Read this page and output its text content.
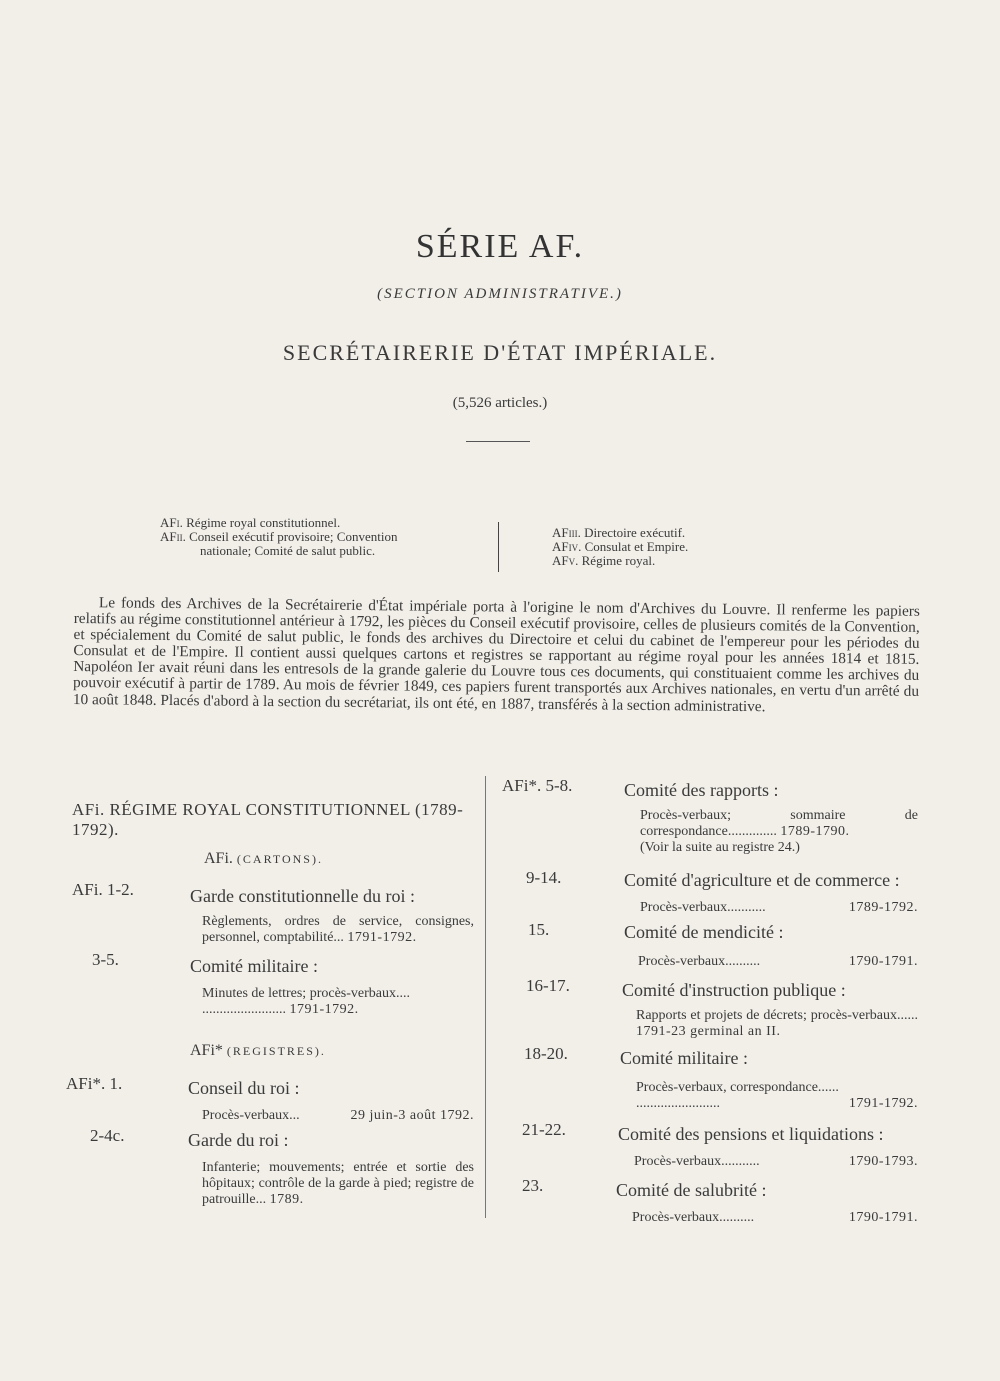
SÉRIE AF.
(SECTION ADMINISTRATIVE.)
SECRÉTAIRERIE D'ÉTAT IMPÉRIALE.
(5,526 articles.)
AFi. Régime royal constitutionnel.
AFii. Conseil exécutif provisoire; Convention
nationale; Comité de salut public.
AFiii. Directoire exécutif.
AFiv. Consulat et Empire.
AFv. Régime royal.

Le fonds des Archives de la Secrétairerie d'État impériale porta à l'origine le nom d'Archives du Louvre. Il renferme les papiers relatifs au régime constitutionnel antérieur à 1792, les pièces du Conseil exécutif provisoire, celles de plusieurs comités de la Convention, et spécialement du Comité de salut public, le fonds des archives du Directoire et celui du cabinet de l'empereur pour les périodes du Consulat et de l'Empire. Il contient aussi quelques cartons et registres se rapportant au régime royal pour les années 1814 et 1815. Napoléon Ier avait réuni dans les entresols de la grande galerie du Louvre tous ces documents, qui constituaient comme les archives du pouvoir exécutif à partir de 1789. Au mois de février 1849, ces papiers furent transportés aux Archives nationales, en vertu d'un arrêté du 10 août 1848. Placés d'abord à la section du secrétariat, ils ont été, en 1887, transférés à la section administrative.

AFi. RÉGIME ROYAL CONSTITUTIONNEL (1789-1792).
AFi. (CARTONS).
AFi. 1-2.	Garde constitutionnelle du roi :
Règlements, ordres de service, consignes, personnel, comptabilité... 1791-1792.
3-5.	Comité militaire :
Minutes de lettres; procès-verbaux....
........................ 1791-1792.
AFi* (REGISTRES).
AFi*. 1.	Conseil du roi :
Procès-verbaux...	29 juin-3 août 1792.
2-4c.	Garde du roi :
Infanterie; mouvements; entrée et sortie des hôpitaux; contrôle de la garde à pied; registre de patrouille... 1789.
AFi*. 5-8.	Comité des rapports :
Procès-verbaux; sommaire de correspondance.............. 1789-1790.
(Voir la suite au registre 24.)
9-14.	Comité d'agriculture et de commerce :
Procès-verbaux...........	1789-1792.
15.	Comité de mendicité :
Procès-verbaux..........	1790-1791.
16-17.	Comité d'instruction publique :
Rapports et projets de décrets; procès-verbaux...... 1791-23 germinal an II.
18-20.	Comité militaire :
Procès-verbaux, correspondance......
........................	1791-1792.
21-22.	Comité des pensions et liquidations :
Procès-verbaux...........	1790-1793.
23.	Comité de salubrité :
Procès-verbaux..........	1790-1791.
